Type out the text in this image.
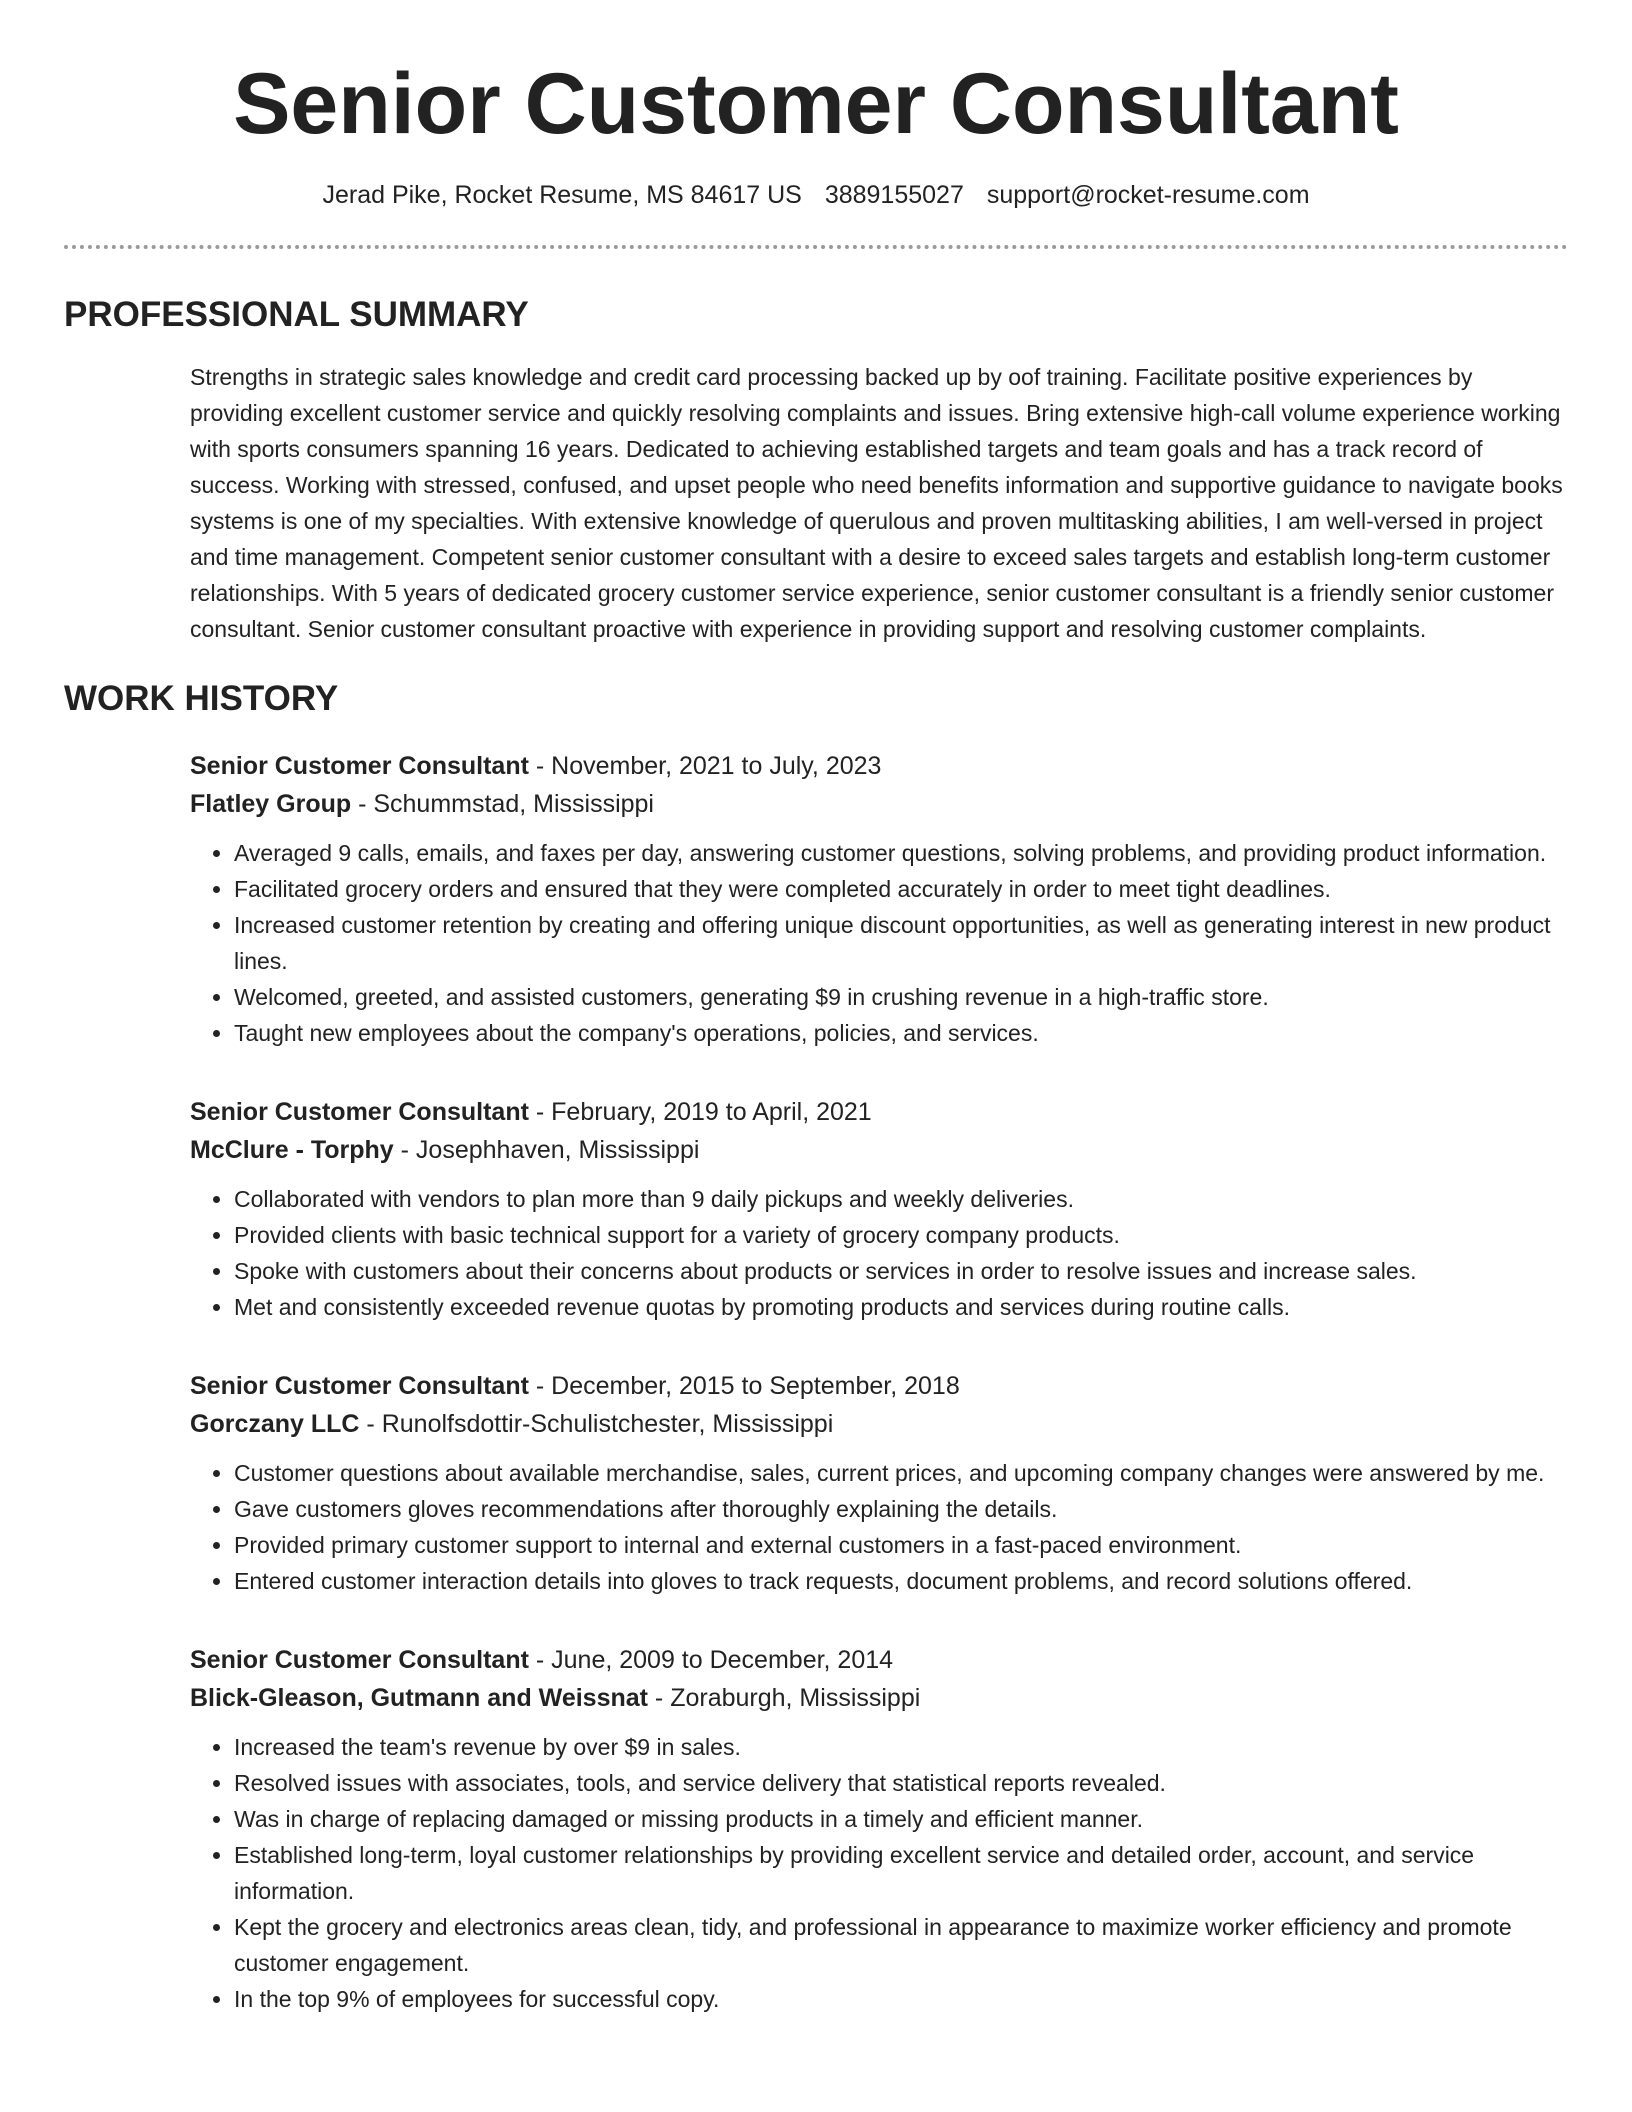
Senior Customer Consultant
Jerad Pike, Rocket Resume, MS 84617 US 3889155027 support@rocket-resume.com
PROFESSIONAL SUMMARY

Strengths in strategic sales knowledge and credit card processing backed up by oof training. Facilitate positive experiences by providing excellent customer service and quickly resolving complaints and issues. Bring extensive high-call volume experience working with sports consumers spanning 16 years. Dedicated to achieving established targets and team goals and has a track record of success. Working with stressed, confused, and upset people who need benefits information and supportive guidance to navigate books systems is one of my specialties. With extensive knowledge of querulous and proven multitasking abilities, I am well-versed in project and time management. Competent senior customer consultant with a desire to exceed sales targets and establish long-term customer relationships. With 5 years of dedicated grocery customer service experience, senior customer consultant is a friendly senior customer consultant. Senior customer consultant proactive with experience in providing support and resolving customer complaints.

WORK HISTORY
Senior Customer Consultant - November, 2021 to July, 2023
Flatley Group - Schummstad, Mississippi
• Averaged 9 calls, emails, and faxes per day, answering customer questions, solving problems, and providing product information.
• Facilitated grocery orders and ensured that they were completed accurately in order to meet tight deadlines.
• Increased customer retention by creating and offering unique discount opportunities, as well as generating interest in new product lines.
• Welcomed, greeted, and assisted customers, generating $9 in crushing revenue in a high-traffic store.
• Taught new employees about the company's operations, policies, and services.
Senior Customer Consultant - February, 2019 to April, 2021
McClure - Torphy - Josephhaven, Mississippi
• Collaborated with vendors to plan more than 9 daily pickups and weekly deliveries.
• Provided clients with basic technical support for a variety of grocery company products.
• Spoke with customers about their concerns about products or services in order to resolve issues and increase sales.
• Met and consistently exceeded revenue quotas by promoting products and services during routine calls.
Senior Customer Consultant - December, 2015 to September, 2018
Gorczany LLC - Runolfsdottir-Schulistchester, Mississippi
• Customer questions about available merchandise, sales, current prices, and upcoming company changes were answered by me.
• Gave customers gloves recommendations after thoroughly explaining the details.
• Provided primary customer support to internal and external customers in a fast-paced environment.
• Entered customer interaction details into gloves to track requests, document problems, and record solutions offered.
Senior Customer Consultant - June, 2009 to December, 2014
Blick-Gleason, Gutmann and Weissnat - Zoraburgh, Mississippi
• Increased the team's revenue by over $9 in sales.
• Resolved issues with associates, tools, and service delivery that statistical reports revealed.
• Was in charge of replacing damaged or missing products in a timely and efficient manner.
• Established long-term, loyal customer relationships by providing excellent service and detailed order, account, and service information.
• Kept the grocery and electronics areas clean, tidy, and professional in appearance to maximize worker efficiency and promote customer engagement.
• In the top 9% of employees for successful copy.
